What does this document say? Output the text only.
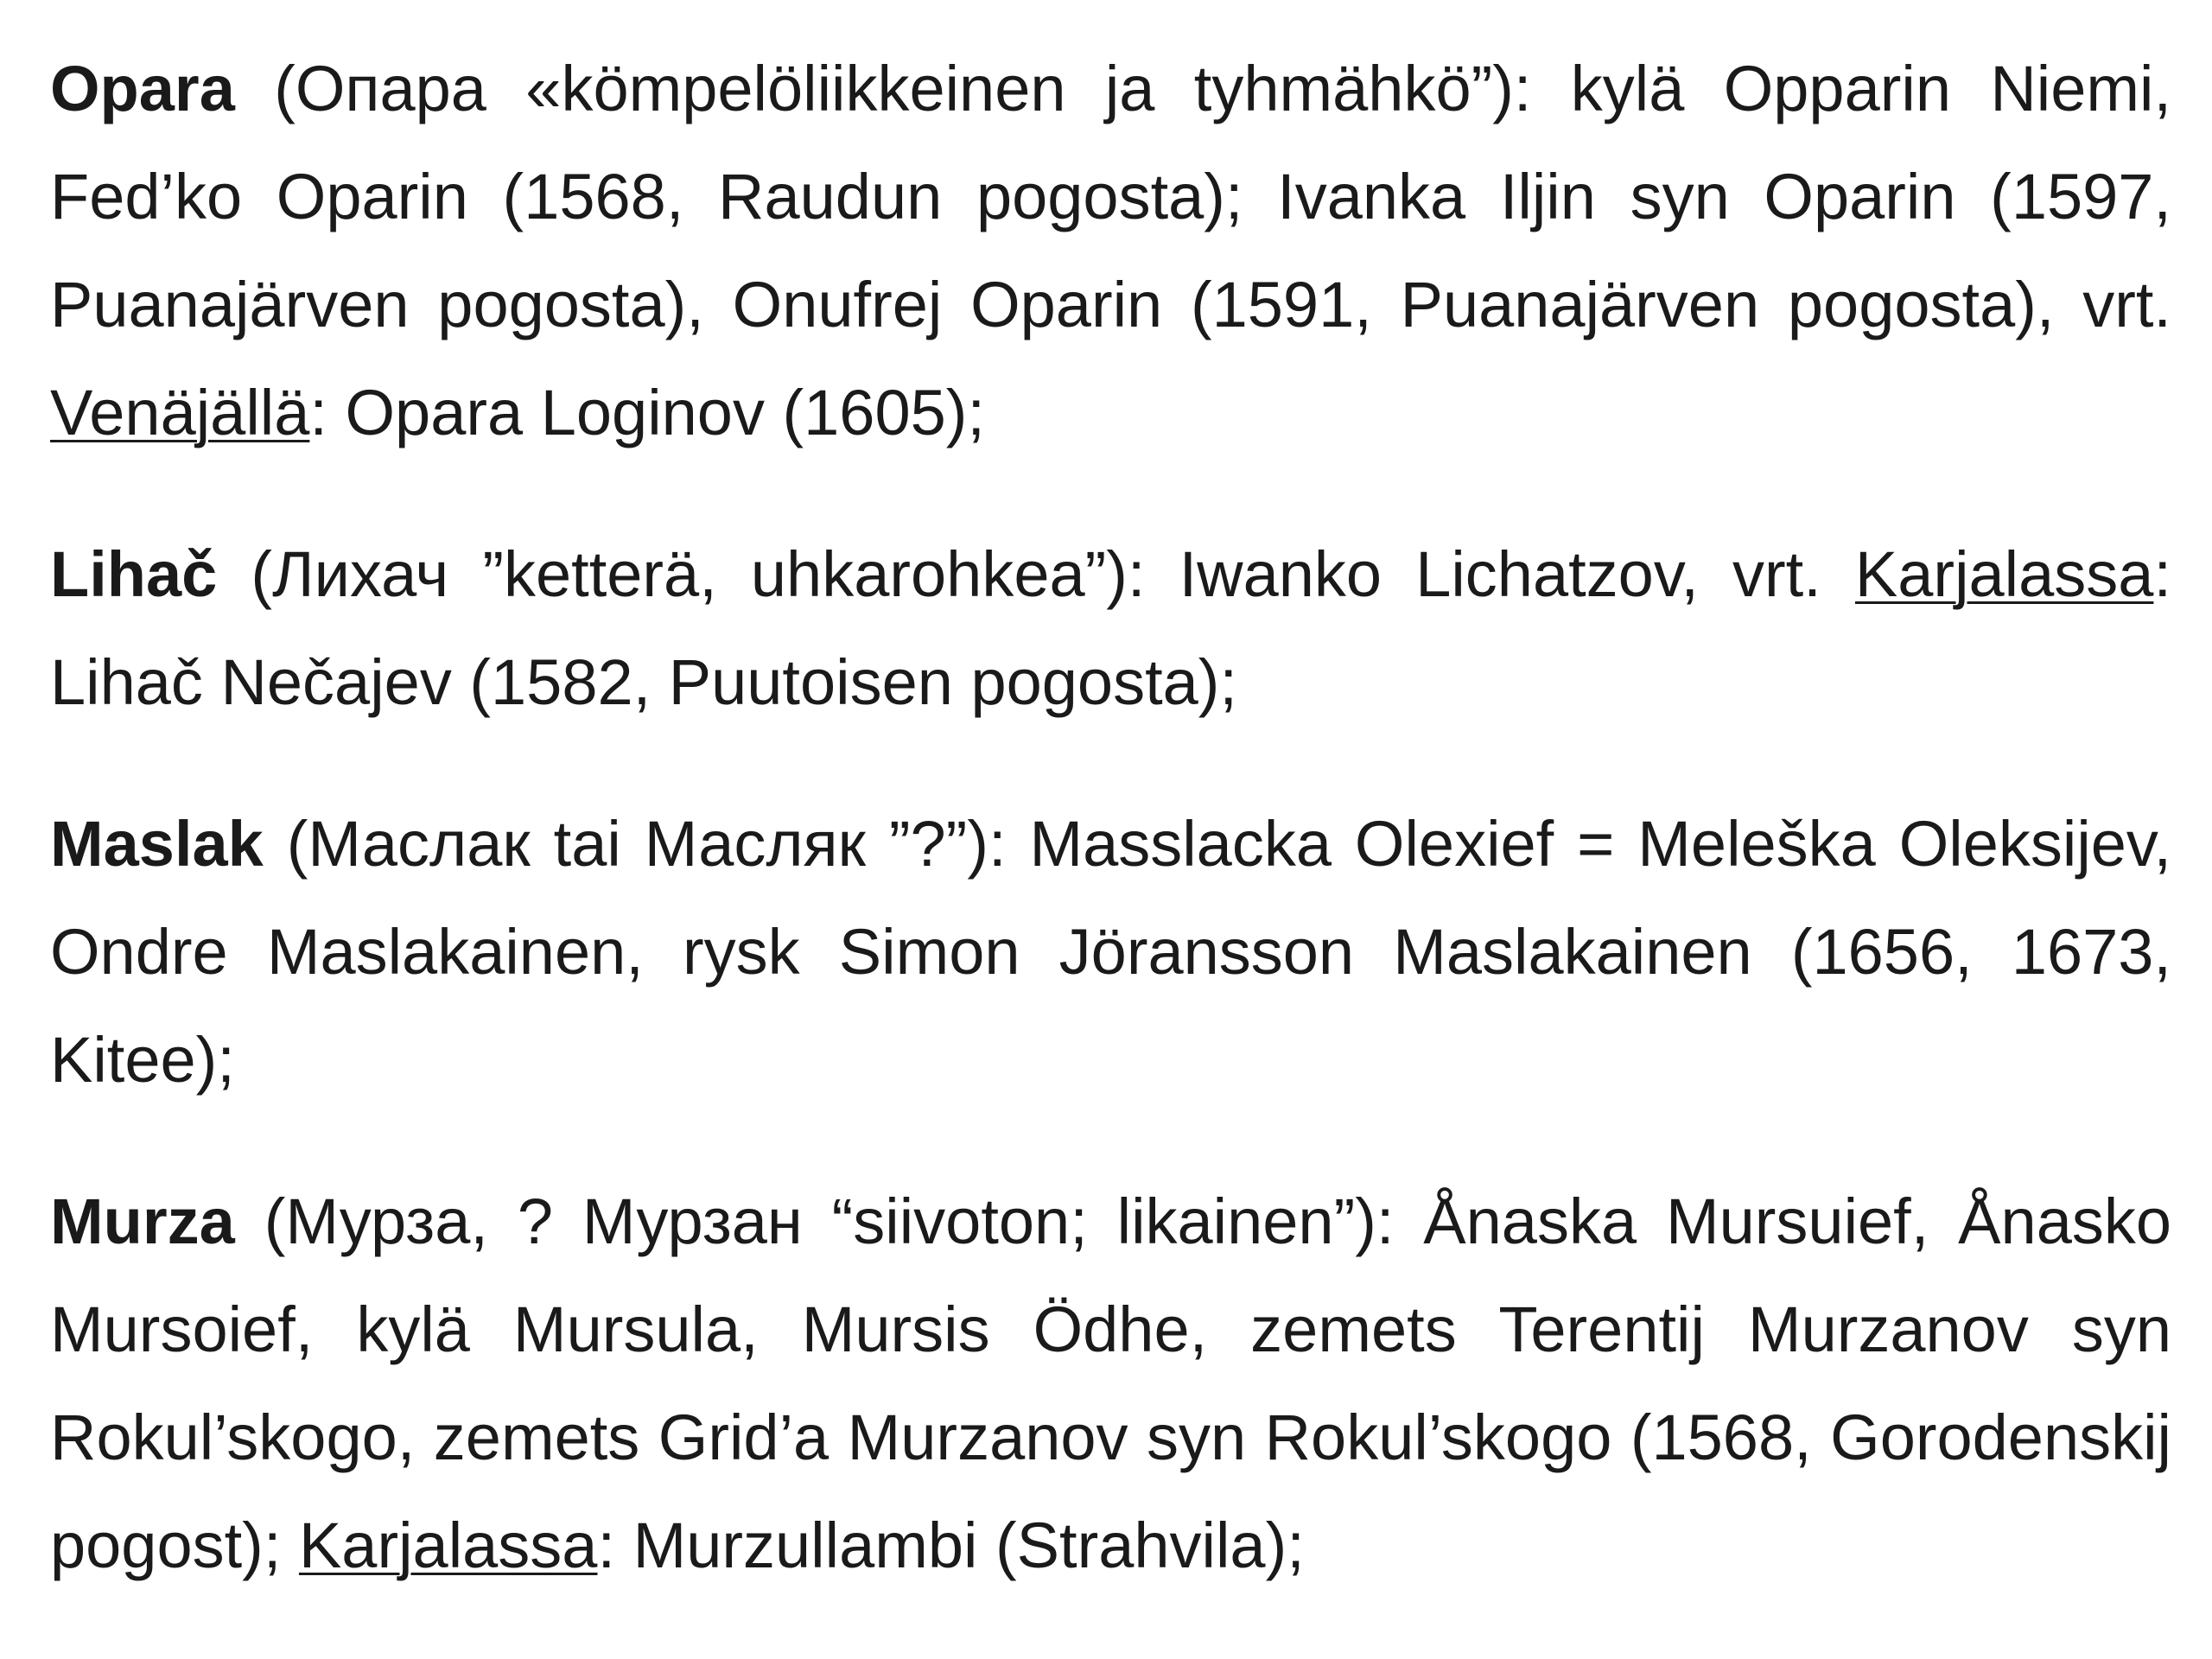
Opara (Опара «kömpelöliikkeinen ja tyhmähkö”): kylä Opparin Niemi, Fed’ko Oparin (1568, Raudun pogosta); Ivanka Iljin syn Oparin (1597, Puanajärven pogosta), Onufrej Oparin (1591, Puanajärven pogosta), vrt. Venäjällä: Opara Loginov (1605);

Lihač (Лихач ”ketterä, uhkarohkea”): Iwanko Lichatzov, vrt. Karjalassa: Lihač Nečajev (1582, Puutoisen pogosta);

Maslak (Маслак tai Масляк ”?”): Masslacka Olexief = Meleška Oleksijev, Ondre Maslakainen, rysk Simon Jöransson Maslakainen (1656, 1673, Kitee);

Murza (Мурза, ? Мурзан “siivoton; likainen”): Ånaska Mursuief, Ånasko Mursoief, kylä Mursula, Mursis Ödhe, zemets Terentij Murzanov syn Rokul’skogo, zemets Grid’a Murzanov syn Rokul’skogo (1568, Gorodenskij pogost); Karjalassa: Murzullambi (Strahvila);
